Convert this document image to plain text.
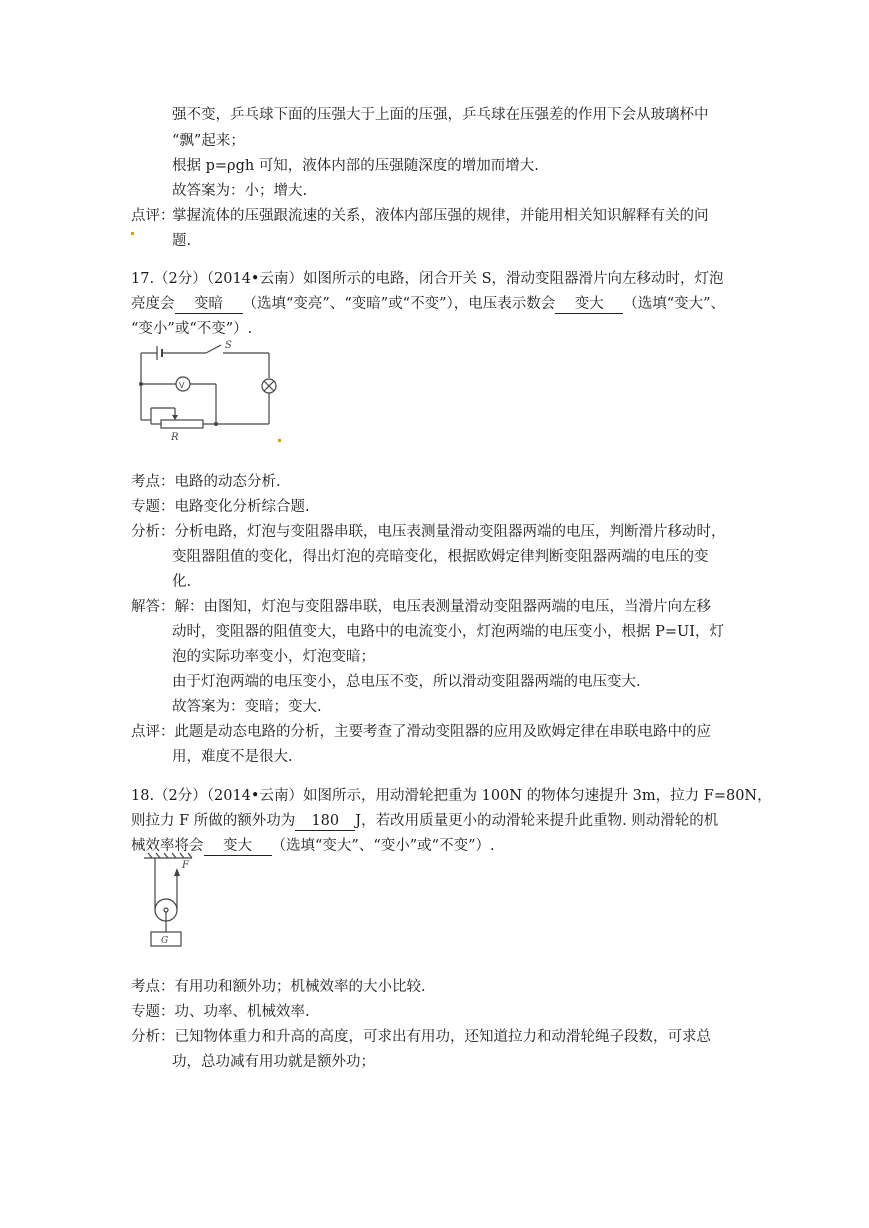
强不变，乒乓球下面的压强大于上面的压强，乒乓球在压强差的作用下会从玻璃杯中
“飘”起来；
根据 p=ρgh 可知，液体内部的压强随深度的增加而增大.
故答案为：小；增大.
点评：
掌握流体的压强跟流速的关系，液体内部压强的规律，并能用相关知识解释有关的问
题.
17.（2分）（2014•云南）如图所示的电路，闭合开关 S，滑动变阻器滑片向左移动时，灯泡
亮度会 变暗 （选填“变亮”、“变暗”或“不变”），电压表示数会 变大 （选填“变大”、
“变小”或“不变”）.
V
S
R
考点：电路的动态分析.
专题：电路变化分析综合题.
分析：分析电路，灯泡与变阻器串联，电压表测量滑动变阻器两端的电压，判断滑片移动时，
变阻器阻值的变化，得出灯泡的亮暗变化，根据欧姆定律判断变阻器两端的电压的变
化.
解答：解：由图知，灯泡与变阻器串联，电压表测量滑动变阻器两端的电压，当滑片向左移
动时，变阻器的阻值变大，电路中的电流变小，灯泡两端的电压变小，根据 P=UI，灯
泡的实际功率变小，灯泡变暗；
由于灯泡两端的电压变小，总电压不变，所以滑动变阻器两端的电压变大.
故答案为：变暗；变大.
点评：此题是动态电路的分析，主要考查了滑动变阻器的应用及欧姆定律在串联电路中的应
用，难度不是很大.
18.（2分）（2014•云南）如图所示，用动滑轮把重为 100N 的物体匀速提升 3m，拉力 F=80N，
则拉力 F 所做的额外功为 180 J，若改用质量更小的动滑轮来提升此重物. 则动滑轮的机
械效率将会 变大 （选填“变大”、“变小”或“不变”）.
F
G
考点：有用功和额外功；机械效率的大小比较.
专题：功、功率、机械效率.
分析：已知物体重力和升高的高度，可求出有用功，还知道拉力和动滑轮绳子段数，可求总
功，总功减有用功就是额外功；
